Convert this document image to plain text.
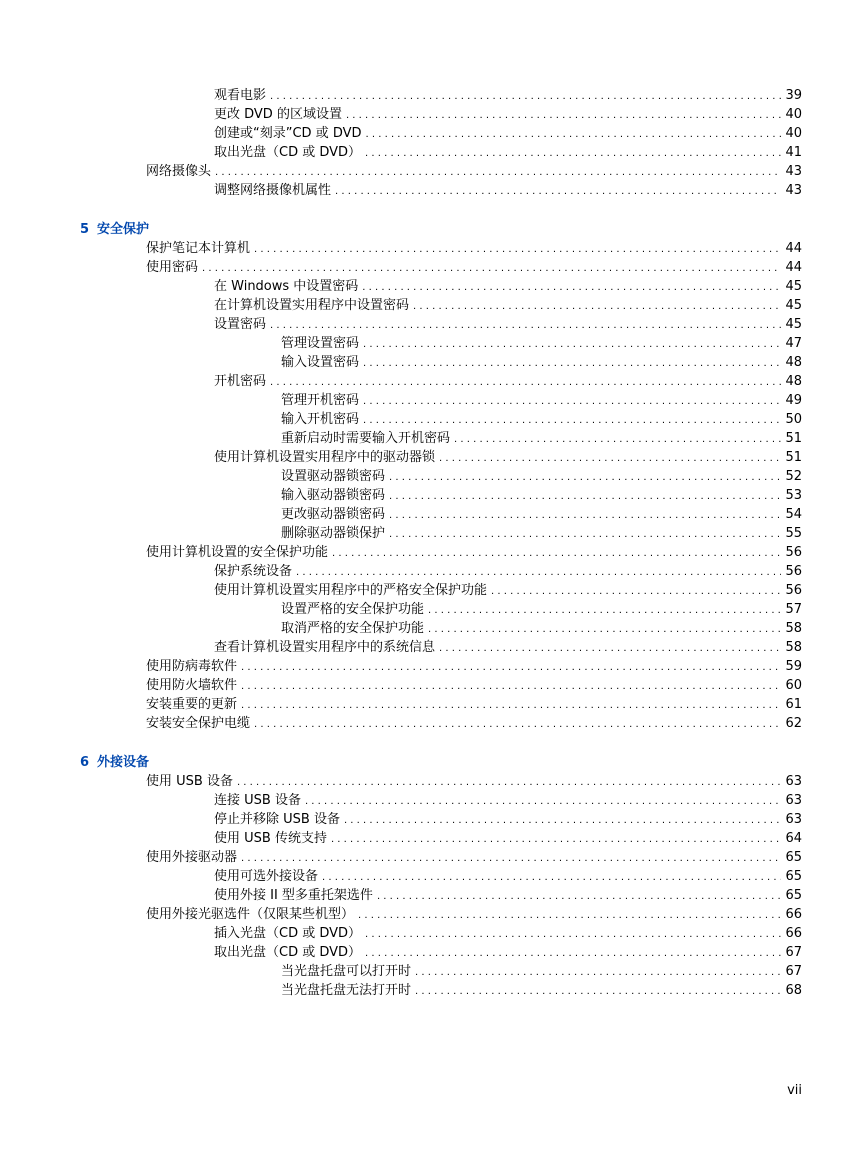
观看电影 . . .	39
更改 DVD 的区域设置 . . .	40
创建或“刻录”CD 或 DVD . . .	40
取出光盘（CD 或 DVD） . . .	41
网络摄像头 . . .	43
调整网络摄像机属性 . . .	43
5 安全保护
保护笔记本计算机 . . .	44
使用密码 . . .	44
在 Windows 中设置密码 . . .	45
在计算机设置实用程序中设置密码 . . .	45
设置密码 . . .	45
管理设置密码 . . .	47
输入设置密码 . . .	48
开机密码 . . .	48
管理开机密码 . . .	49
输入开机密码 . . .	50
重新启动时需要输入开机密码 . . .	51
使用计算机设置实用程序中的驱动器锁 . . .	51
设置驱动器锁密码 . . .	52
输入驱动器锁密码 . . .	53
更改驱动器锁密码 . . .	54
删除驱动器锁保护 . . .	55
使用计算机设置的安全保护功能 . . .	56
保护系统设备 . . .	56
使用计算机设置实用程序中的严格安全保护功能 . . .	56
设置严格的安全保护功能 . . .	57
取消严格的安全保护功能 . . .	58
查看计算机设置实用程序中的系统信息 . . .	58
使用防病毒软件 . . .	59
使用防火墙软件 . . .	60
安装重要的更新 . . .	61
安装安全保护电缆 . . .	62
6 外接设备
使用 USB 设备 . . .	63
连接 USB 设备 . . .	63
停止并移除 USB 设备 . . .	63
使用 USB 传统支持 . . .	64
使用外接驱动器 . . .	65
使用可选外接设备 . . .	65
使用外接 II 型多重托架选件 . . .	65
使用外接光驱选件（仅限某些机型） . . .	66
插入光盘（CD 或 DVD） . . .	66
取出光盘（CD 或 DVD） . . .	67
当光盘托盘可以打开时 . . .	67
当光盘托盘无法打开时 . . .	68
vii
